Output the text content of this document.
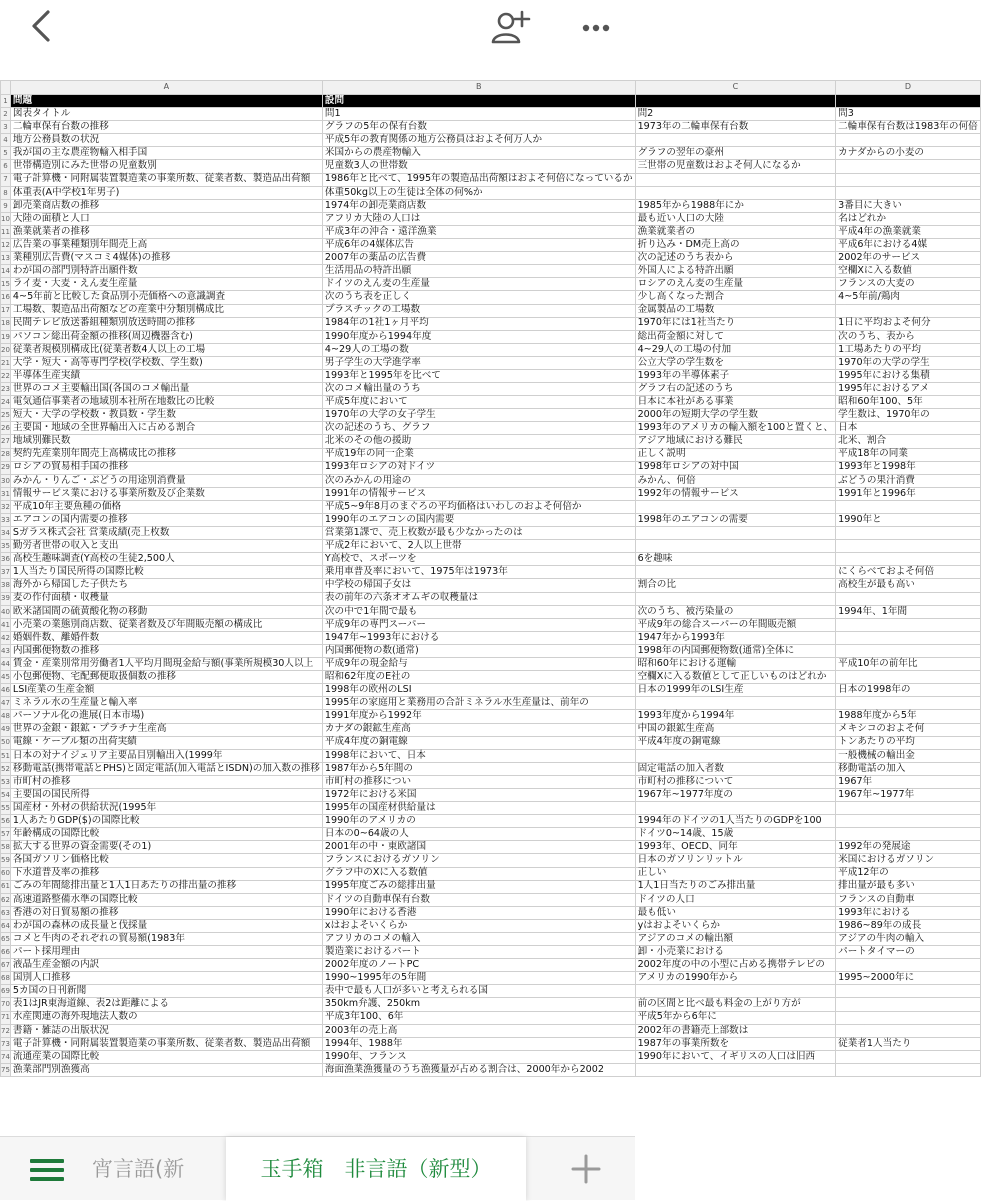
	A	B	C	D
1	問題	設問		
2	図表タイトル	問1	問2	問3
3	二輪車保有台数の推移	グラフの5年の保有台数	1973年の二輪車保有台数	二輪車保有台数は1983年の何倍
4	地方公務員数の状況	平成5年の教育関係の地方公務員はおよそ何万人か		
5	我が国の主な農産物輸入相手国	米国からの農産物輸入	グラフの翌年の豪州	カナダからの小麦の
6	世帯構造別にみた世帯の児童数別	児童数3人の世帯数	三世帯の児童数はおよそ何人になるか	
7	電子計算機・同附属装置製造業の事業所数、従業者数、製造品出荷額	1986年と比べて、1995年の製造品出荷額はおよそ何倍になっているか		
8	体重表(A中学校1年男子)	体重50kg以上の生徒は全体の何%か		
9	卸売業商店数の推移	1974年の卸売業商店数	1985年から1988年にか	3番目に大きい
10	大陸の面積と人口	アフリカ大陸の人口は	最も近い人口の大陸	名はどれか
11	漁業就業者の推移	平成3年の沖合・遠洋漁業	漁業就業者の	平成4年の漁業就業
12	広告業の事業種類別年間売上高	平成6年の4媒体広告	折り込み・DM売上高の	平成6年における4媒
13	業種別広告費(マスコミ4媒体)の推移	2007年の薬品の広告費	次の記述のうち表から	2002年のサービス
14	わが国の部門別特許出願件数	生活用品の特許出願	外国人による特許出願	空欄Xに入る数値
15	ライ麦・大麦・えん麦生産量	ドイツのえん麦の生産量	ロシアのえん麦の生産量	フランスの大麦の
16	4~5年前と比較した食品別小売価格への意識調査	次のうち表を正しく	少し高くなった割合	4~5年前/鶏肉
17	工場数、製造品出荷額などの産業中分類別構成比	プラスチックの工場数	金属製品の工場数	
18	民間テレビ放送番組種類別放送時間の推移	1984年の1社1ヶ月平均	1970年には1社当たり	1日に平均およそ何分
19	パソコン総出荷金額の推移(周辺機器含む)	1990年度から1994年度	総出荷金額に対して	次のうち、表から
20	従業者規模別構成比(従業者数4人以上の工場	4~29人の工場の数	4~29人の工場の付加	1工場あたりの平均
21	大学・短大・高等専門学校(学校数、学生数)	男子学生の大学進学率	公立大学の学生数を	1970年の大学の学生
22	半導体生産実績	1993年と1995年を比べて	1993年の半導体素子	1995年における集積
23	世界のコメ主要輸出国(各国のコメ輸出量	次のコメ輸出量のうち	グラフ右の記述のうち	1995年におけるアメ
24	電気通信事業者の地域別本社所在地数比の比較	平成5年度において	日本に本社がある事業	昭和60年100、5年
25	短大・大学の学校数・教員数・学生数	1970年の大学の女子学生	2000年の短期大学の学生数	学生数は、1970年の
26	主要国・地域の全世界輸出入に占める割合	次の記述のうち、グラフ	1993年のアメリカの輸入額を100と置くと、	日本
27	地域別難民数	北米のその他の援助	アジア地域における難民	北米、割合
28	契約先産業別年間売上高構成比の推移	平成19年の同一企業	正しく説明	平成18年の同業
29	ロシアの貿易相手国の推移	1993年ロシアの対ドイツ	1998年ロシアの対中国	1993年と1998年
30	みかん・りんご・ぶどうの用途別消費量	次のみかんの用途の	みかん、何倍	ぶどうの果汁消費
31	情報サービス業における事業所数及び企業数	1991年の情報サービス	1992年の情報サービス	1991年と1996年
32	平成10年主要魚種の価格	平成5~9年8月のまぐろの平均価格はいわしのおよそ何倍か		
33	エアコンの国内需要の推移	1990年のエアコンの国内需要	1998年のエアコンの需要	1990年と
34	Sガラス株式会社 営業成績(売上枚数	営業第1課で、売上枚数が最も少なかったのは		
35	勤労者世帯の収入と支出	平成2年において、2人以上世帯		
36	高校生趣味調査(Y高校の生徒2,500人	Y高校で、スポーツを	6を趣味	
37	1人当たり国民所得の国際比較	乗用車普及率において、1975年は1973年		にくらべておよそ何倍
38	海外から帰国した子供たち	中学校の帰国子女は	割合の比	高校生が最も高い
39	麦の作付面積・収穫量	表の前年の六条オオムギの収穫量は		
40	欧米諸国間の硫黄酸化物の移動	次の中で1年間で最も	次のうち、被汚染量の	1994年、1年間
41	小売業の業態別商店数、従業者数及び年間販売額の構成比	平成9年の専門スーパー	平成9年の総合スーパーの年間販売額	
42	婚姻件数、離婚件数	1947年~1993年における	1947年から1993年	
43	内国郵便物数の推移	内国郵便物の数(通常)	1998年の内国郵便物数(通常)全体に	
44	賃金・産業別常用労働者1人平均月間現金給与額(事業所規模30人以上	平成9年の現金給与	昭和60年における運輸	平成10年の前年比
45	小包郵便物、宅配郵便取扱個数の推移	昭和62年度のE社の	空欄Xに入る数値として正しいものはどれか	
46	LSI産業の生産金額	1998年の欧州のLSI	日本の1999年のLSI生産	日本の1998年の
47	ミネラル水の生産量と輸入率	1995年の家庭用と業務用の合計ミネラル水生産量は、前年の		
48	パーソナル化の進展(日本市場)	1991年度から1992年	1993年度から1994年	1988年度から5年
49	世界の金銀・銀鉱・プラチナ生産高	カナダの銀鉱生産高	中国の銀鉱生産高	メキシコのおよそ何
50	電線・ケーブル類の出荷実績	平成4年度の銅電線	平成4年度の銅電線	トンあたりの平均
51	日本の対ナイジェリア主要品目別輸出入(1999年	1998年において、日本		一般機械の輸出金
52	移動電話(携帯電話とPHS)と固定電話(加入電話とISDN)の加入数の推移	1987年から5年間の	固定電話の加入者数	移動電話の加入
53	市町村の推移	市町村の推移につい	市町村の推移について	1967年
54	主要国の国民所得	1972年における米国	1967年~1977年度の	1967年~1977年
55	国産材・外材の供給状況(1995年	1995年の国産材供給量は		
56	1人あたりGDP($)の国際比較	1990年のアメリカの	1994年のドイツの1人当たりのGDPを100	
57	年齢構成の国際比較	日本の0~64歳の人	ドイツ0~14歳、15歳	
58	拡大する世界の資金需要(その1)	2001年の中・東欧諸国	1993年、OECD、同年	1992年の発展途
59	各国ガソリン価格比較	フランスにおけるガソリン	日本のガソリンリットル	米国におけるガソリン
60	下水道普及率の推移	グラフ中のXに入る数値	正しい	平成12年の
61	ごみの年間総排出量と1人1日あたりの排出量の推移	1995年度ごみの総排出量	1人1日当たりのごみ排出量	排出量が最も多い
62	高速道路整備水準の国際比較	ドイツの自動車保有台数	ドイツの人口	フランスの自動車
63	香港の対日貿易額の推移	1990年における香港	最も低い	1993年における
64	わが国の森林の成長量と伐採量	xはおよそいくらか	yはおよそいくらか	1986~89年の成長
65	コメと牛肉のそれぞれの貿易額(1983年	アフリカのコメの輸入	アジアのコメの輸出額	アジアの牛肉の輸入
66	パート採用理由	製造業におけるパート	卸・小売業における	パートタイマーの
67	液晶生産金額の内訳	2002年度のノートPC	2002年度の中の小型に占める携帯テレビの	
68	国別人口推移	1990~1995年の5年間	アメリカの1990年から	1995~2000年に
69	5カ国の日刊新聞	表中で最も人口が多いと考えられる国		
70	表1はJR東海道線、表2は距離による	350km弁護、250km	前の区間と比べ最も料金の上がり方が	
71	水産関連の海外現地法人数の	平成3年100、6年	平成5年から6年に	
72	書籍・雑誌の出版状況	2003年の売上高	2002年の書籍売上部数は	
73	電子計算機・同附属装置製造業の事業所数、従業者数、製造品出荷額	1994年、1988年	1987年の事業所数を	従業者1人当たり
74	流通産業の国際比較	1990年、フランス	1990年において、イギリスの人口は旧西	
75	漁業部門別漁獲高	海面漁業漁獲量のうち漁獲量が占める割合は、2000年から2002		
宵言語(新	玉手箱　非言語（新型）
